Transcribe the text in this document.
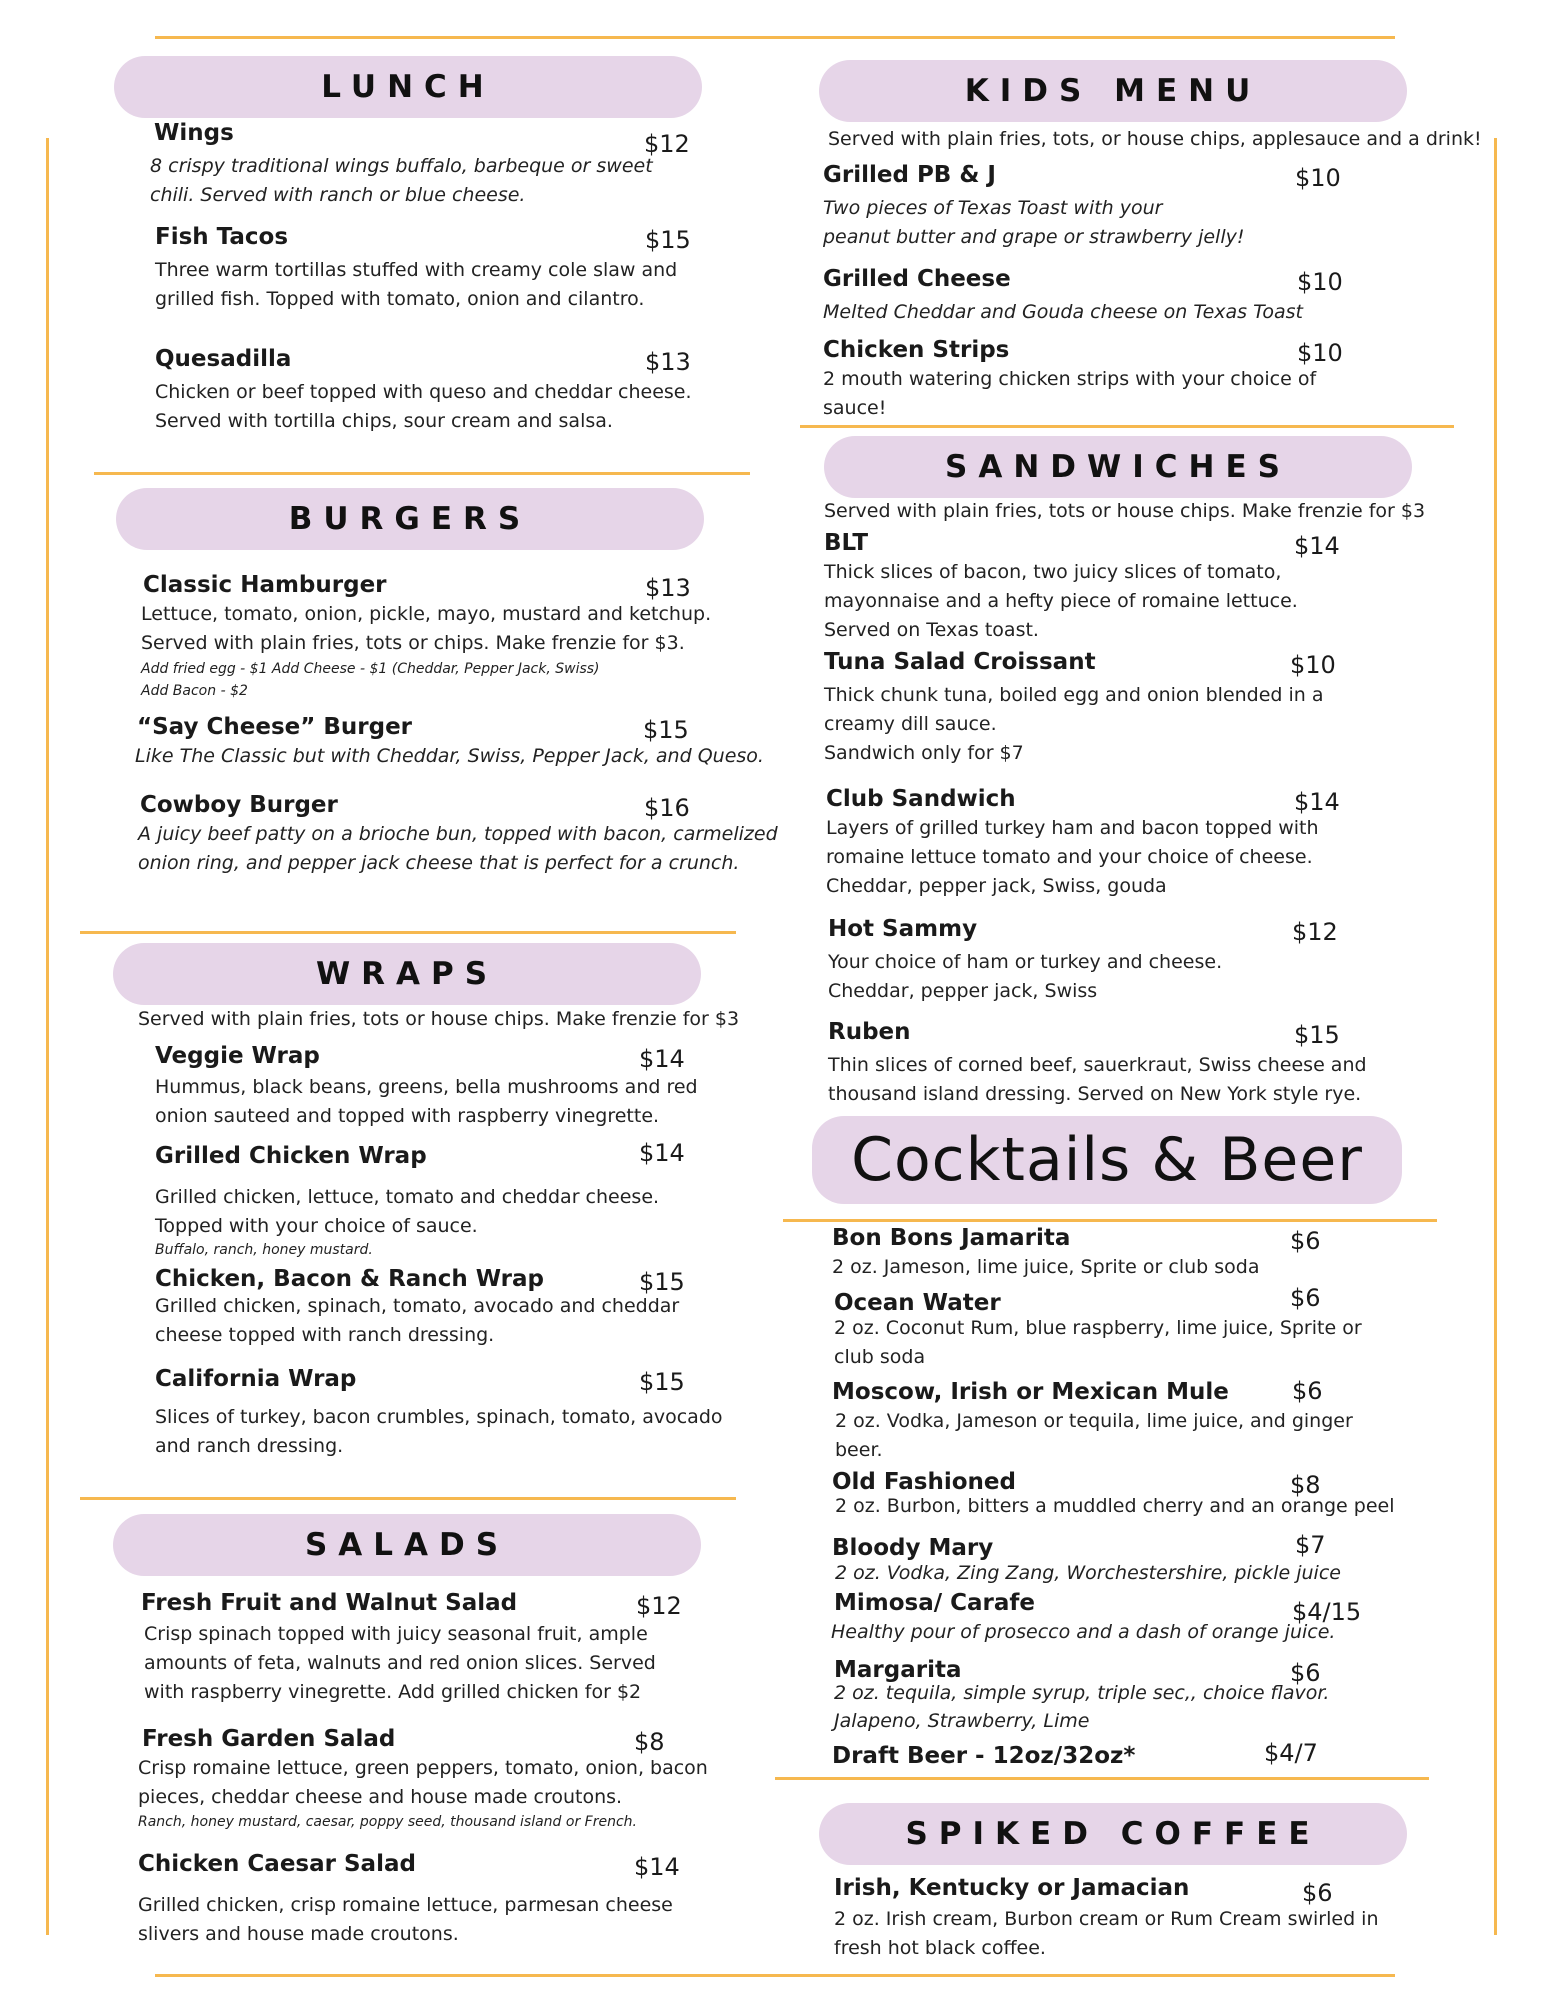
LUNCH
BURGERS
WRAPS
SALADS
KIDS MENU
SANDWICHES
Cocktails & Beer
SPIKED COFFEE
Served with plain fries, tots or house chips. Make frenzie for $3
Served with plain fries, tots, or house chips, applesauce and a drink!
Served with plain fries, tots or house chips. Make frenzie for $3
Wings	$12
8 crispy traditional wings buffalo, barbeque or sweet
chili. Served with ranch or blue cheese.
Fish Tacos	$15
Three warm tortillas stuffed with creamy cole slaw and
grilled fish. Topped with tomato, onion and cilantro.
Quesadilla	$13
Chicken or beef topped with queso and cheddar cheese.
Served with tortilla chips, sour cream and salsa.
Classic Hamburger	$13
Lettuce, tomato, onion, pickle, mayo, mustard and ketchup.
Served with plain fries, tots or chips. Make frenzie for $3.
Add fried egg - $1 Add Cheese - $1 (Cheddar, Pepper Jack, Swiss)
Add Bacon - $2
“Say Cheese” Burger	$15
Like The Classic but with Cheddar, Swiss, Pepper Jack, and Queso.
Cowboy Burger	$16
A juicy beef patty on a brioche bun, topped with bacon, carmelized
onion ring, and pepper jack cheese that is perfect for a crunch.
Veggie Wrap	$14
Hummus, black beans, greens, bella mushrooms and red
onion sauteed and topped with raspberry vinegrette.
Grilled Chicken Wrap	$14
Grilled chicken, lettuce, tomato and cheddar cheese.
Topped with your choice of sauce.
Buffalo, ranch, honey mustard.
Chicken, Bacon & Ranch Wrap	$15
Grilled chicken, spinach, tomato, avocado and cheddar
cheese topped with ranch dressing.
California Wrap	$15
Slices of turkey, bacon crumbles, spinach, tomato, avocado
and ranch dressing.
Fresh Fruit and Walnut Salad	$12
Crisp spinach topped with juicy seasonal fruit, ample
amounts of feta, walnuts and red onion slices. Served
with raspberry vinegrette. Add grilled chicken for $2
Fresh Garden Salad	$8
Crisp romaine lettuce, green peppers, tomato, onion, bacon
pieces, cheddar cheese and house made croutons.
Ranch, honey mustard, caesar, poppy seed, thousand island or French.
Chicken Caesar Salad	$14
Grilled chicken, crisp romaine lettuce, parmesan cheese
slivers and house made croutons.
Grilled PB & J	$10
Two pieces of Texas Toast with your
peanut butter and grape or strawberry jelly!
Grilled Cheese	$10
Melted Cheddar and Gouda cheese on Texas Toast
Chicken Strips	$10
2 mouth watering chicken strips with your choice of
sauce!
BLT	$14
Thick slices of bacon, two juicy slices of tomato,
mayonnaise and a hefty piece of romaine lettuce.
Served on Texas toast.
Tuna Salad Croissant	$10
Thick chunk tuna, boiled egg and onion blended in a
creamy dill sauce.
Sandwich only for $7
Club Sandwich	$14
Layers of grilled turkey ham and bacon topped with
romaine lettuce tomato and your choice of cheese.
Cheddar, pepper jack, Swiss, gouda
Hot Sammy	$12
Your choice of ham or turkey and cheese.
Cheddar, pepper jack, Swiss
Ruben	$15
Thin slices of corned beef, sauerkraut, Swiss cheese and
thousand island dressing. Served on New York style rye.
Bon Bons Jamarita	$6
2 oz. Jameson, lime juice, Sprite or club soda
Ocean Water	$6
2 oz. Coconut Rum, blue raspberry, lime juice, Sprite or
club soda
Moscow, Irish or Mexican Mule	$6
2 oz. Vodka, Jameson or tequila, lime juice, and ginger
beer.
Old Fashioned	$8
2 oz. Burbon, bitters a muddled cherry and an orange peel
Bloody Mary	$7
2 oz. Vodka, Zing Zang, Worchestershire, pickle juice
Mimosa/ Carafe	$4/15
Healthy pour of prosecco and a dash of orange juice.
Margarita	$6
2 oz. tequila, simple syrup, triple sec,, choice flavor.
Jalapeno, Strawberry, Lime
Draft Beer - 12oz/32oz*	$4/7
Irish, Kentucky or Jamacian	$6
2 oz. Irish cream, Burbon cream or Rum Cream swirled in
fresh hot black coffee.
